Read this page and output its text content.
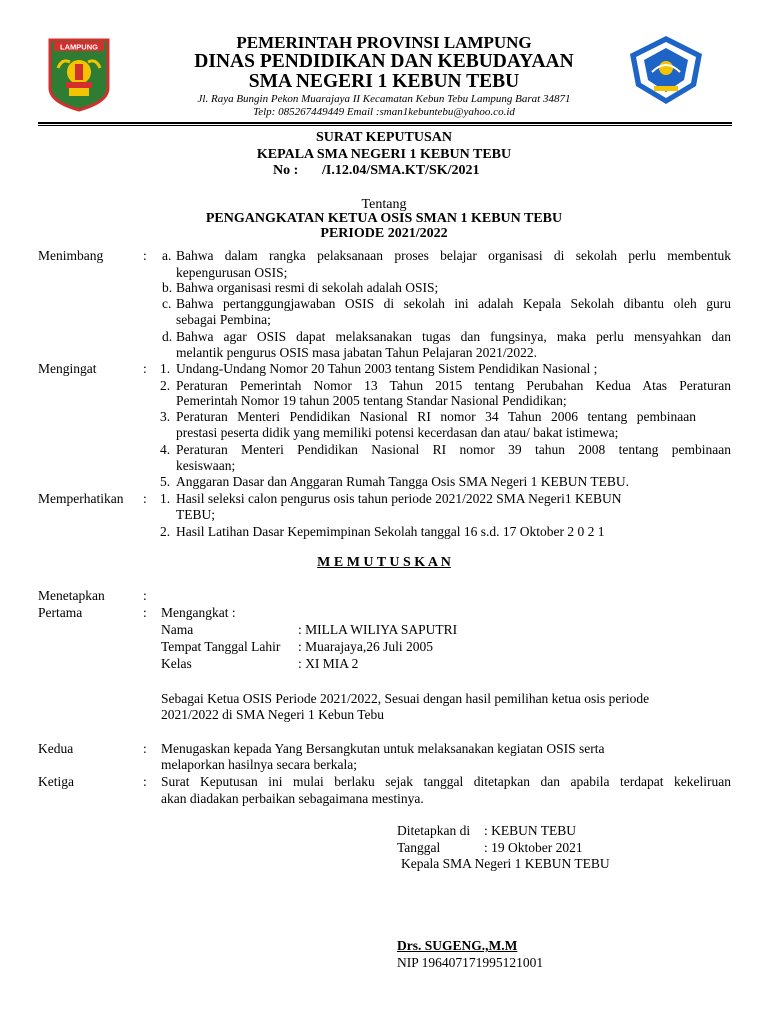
LAMPUNG	PEMERINTAH PROVINSI LAMPUNG
DINAS PENDIDIKAN DAN KEBUDAYAAN
SMA NEGERI 1 KEBUN TEBU
Jl. Raya Bungin Pekon Muarajaya II Kecamatan Kebun Tebu Lampung Barat 34871
Telp: 085267449449 Email :sman1kebuntebu@yahoo.co.id
SURAT KEPUTUSAN
KEPALA SMA NEGERI 1 KEBUN TEBU
No : /I.12.04/SMA.KT/SK/2021
Tentang
PENGANGKATAN KETUA OSIS SMAN 1 KEBUN TEBU
PERIODE 2021/2022
Menimbang	: a. Bahwa dalam rangka pelaksanaan proses belajar organisasi di sekolah perlu membentuk
kepengurusan OSIS;
b. Bahwa organisasi resmi di sekolah adalah OSIS;
c. Bahwa pertanggungjawaban OSIS di sekolah ini adalah Kepala Sekolah dibantu oleh guru
sebagai Pembina;
d. Bahwa agar OSIS dapat melaksanakan tugas dan fungsinya, maka perlu mensyahkan dan
melantik pengurus OSIS masa jabatan Tahun Pelajaran 2021/2022.
Mengingat	: 1. Undang-Undang Nomor 20 Tahun 2003 tentang Sistem Pendidikan Nasional ;
2. Peraturan Pemerintah Nomor 13 Tahun 2015 tentang Perubahan Kedua Atas Peraturan
Pemerintah Nomor 19 tahun 2005 tentang Standar Nasional Pendidikan;
3. Peraturan Menteri Pendidikan Nasional RI nomor 34 Tahun 2006 tentang pembinaan
prestasi peserta didik yang memiliki potensi kecerdasan dan atau/ bakat istimewa;
4. Peraturan Menteri Pendidikan Nasional RI nomor 39 tahun 2008 tentang pembinaan
kesiswaan;
5. Anggaran Dasar dan Anggaran Rumah Tangga Osis SMA Negeri 1 KEBUN TEBU.
Memperhatikan : 1. Hasil seleksi calon pengurus osis tahun periode 2021/2022 SMA Negeri1 KEBUN
TEBU;
2. Hasil Latihan Dasar Kepemimpinan Sekolah tanggal 16 s.d. 17 Oktober 2 0 2 1
M E M U T U S K A N
Menetapkan	:
Pertama	: Mengangkat :
Nama	: MILLA WILIYA SAPUTRI
Tempat Tanggal Lahir : Muarajaya,26 Juli 2005
Kelas	: XI MIA 2
Sebagai Ketua OSIS Periode 2021/2022, Sesuai dengan hasil pemilihan ketua osis periode
2021/2022 di SMA Negeri 1 Kebun Tebu
Kedua	: Menugaskan kepada Yang Bersangkutan untuk melaksanakan kegiatan OSIS serta
melaporkan hasilnya secara berkala;
Ketiga	: Surat Keputusan ini mulai berlaku sejak tanggal ditetapkan dan apabila terdapat kekeliruan
akan diadakan perbaikan sebagaimana mestinya.
Ditetapkan di : KEBUN TEBU
Tanggal	: 19 Oktober 2021
Kepala SMA Negeri 1 KEBUN TEBU
Drs. SUGENG.,M.M
NIP 196407171995121001
